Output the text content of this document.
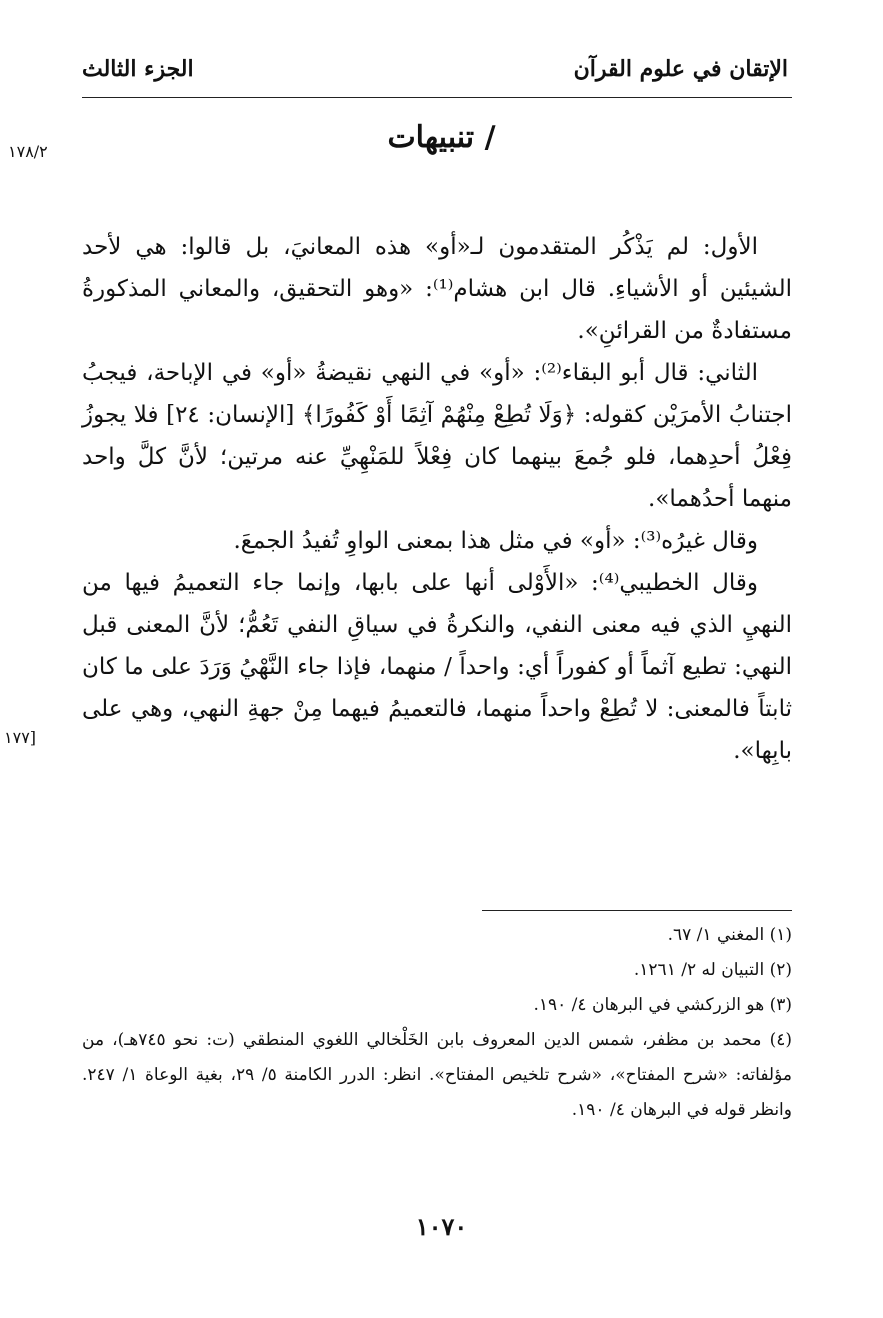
الإتقان في علوم القرآن
الجزء الثالث
١٧٨/٢	/ تنبيهات

الأول: لم يَذْكُر المتقدمون لـ«أو» هذه المعانيَ، بل قالوا: هي لأحد الشيئين أو الأشياءِ. قال ابن هشام⁽¹⁾: «وهو التحقيق، والمعاني المذكورةُ مستفادةٌ من القرائنِ».

الثاني: قال أبو البقاء⁽²⁾: «أو» في النهي نقيضةُ «أو» في الإباحة، فيجبُ اجتنابُ الأمرَيْن كقوله: ﴿وَلَا تُطِعْ مِنْهُمْ آثِمًا أَوْ كَفُورًا﴾ [الإنسان: ٢٤] فلا يجوزُ فِعْلُ أحدِهما، فلو جُمعَ بينهما كان فِعْلاً للمَنْهِيِّ عنه مرتين؛ لأنَّ كلَّ واحد منهما أحدُهما».

وقال غيرُه⁽³⁾: «أو» في مثل هذا بمعنى الواوِ تُفيدُ الجمعَ.

وقال الخطيبي⁽⁴⁾: «الأَوْلى أنها على بابها، وإنما جاء التعميمُ فيها من النهيِ الذي فيه معنى النفي، والنكرةُ في سياقِ النفي تَعُمُّ؛ لأنَّ المعنى قبل النهي: تطيع آثماً أو كفوراً أي: واحداً / منهما، فإذا جاء النَّهْيُ وَرَدَ على ما كان ثابتاً فالمعنى: لا تُطِعْ واحداً منهما، فالتعميمُ فيهما مِنْ جهةِ النهي، وهي على بابِها».

[١٧٧

(١) المغني ١/ ٦٧.

(٢) التبيان له ٢/ ١٢٦١.

(٣) هو الزركشي في البرهان ٤/ ١٩٠.

(٤) محمد بن مظفر، شمس الدين المعروف بابن الخَلْخالي اللغوي المنطقي (ت: نحو ٧٤٥هـ)، من مؤلفاته: «شرح المفتاح»، «شرح تلخيص المفتاح». انظر: الدرر الكامنة ٥/ ٢٩، بغية الوعاة ١/ ٢٤٧. وانظر قوله في البرهان ٤/ ١٩٠.

١٠٧٠
